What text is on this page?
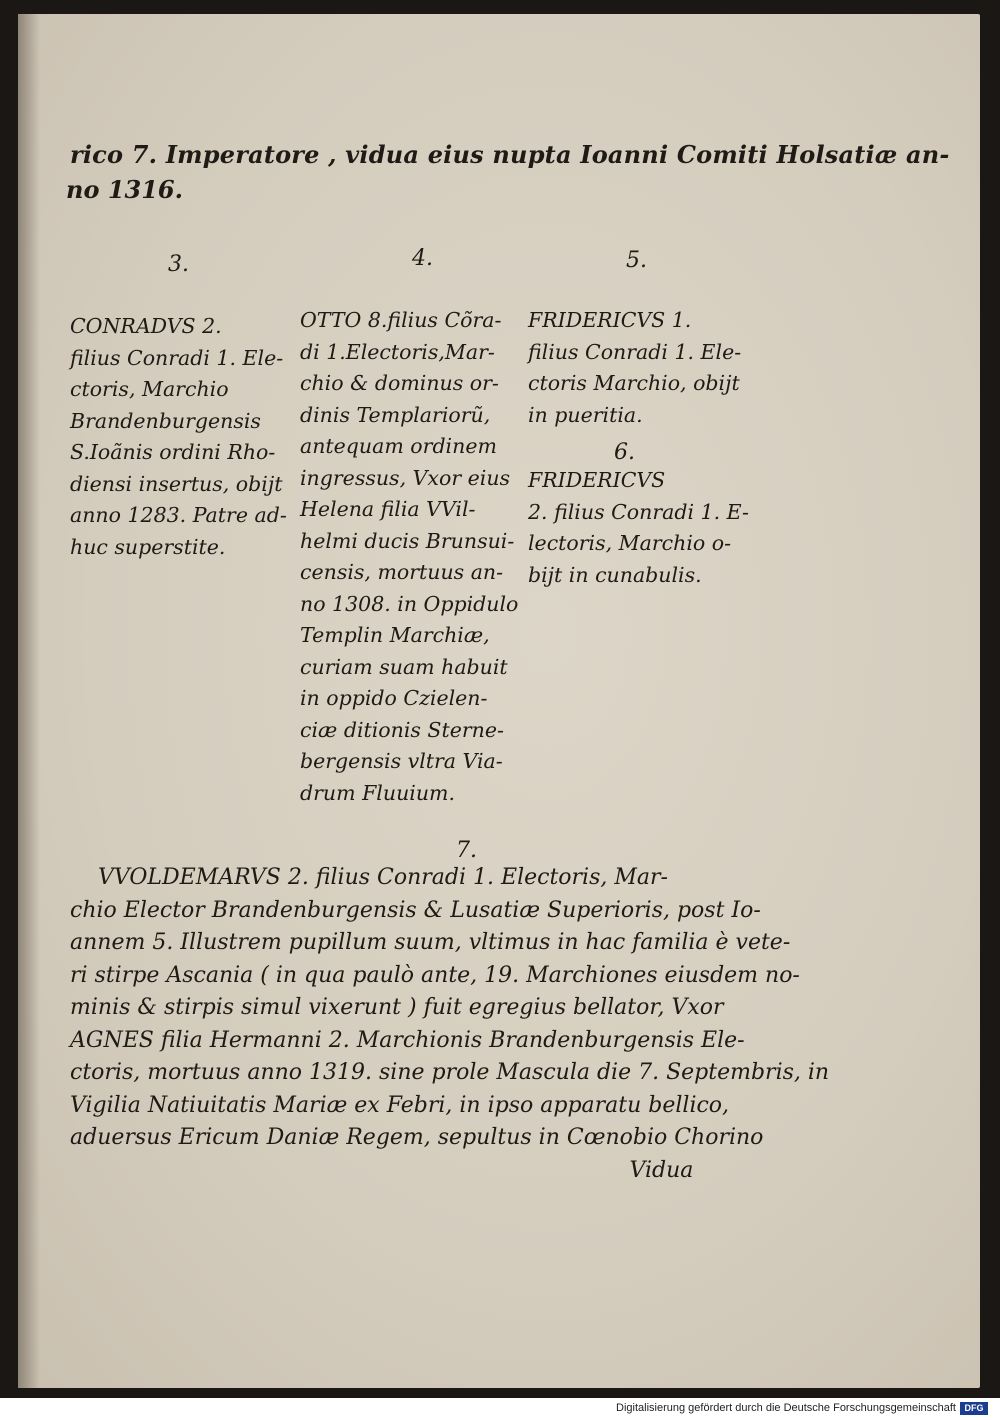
rico 7. Imperatore , vidua eius nupta Ioanni Comiti Holsatiæ an-

no 1316.

3.	4.	5.
6.
7.
CONRADVS 2.
filius Conradi 1. Ele-
ctoris, Marchio
Brandenburgensis
S.Ioãnis ordini Rho-
diensi insertus, obijt
anno 1283. Patre ad-
huc superstite.
OTTO 8.filius Cõra-
di 1.Electoris,Mar-
chio & dominus or-
dinis Templariorũ,
antequam ordinem
ingressus, Vxor eius
Helena filia VVil-
helmi ducis Brunsui-
censis, mortuus an-
no 1308. in Oppidulo
Templin Marchiæ,
curiam suam habuit
in oppido Czielen-
ciæ ditionis Sterne-
bergensis vltra Via-
drum Fluuium.
FRIDERICVS 1.
filius Conradi 1. Ele-
ctoris Marchio, obijt
in pueritia.
FRIDERICVS
2. filius Conradi 1. E-
lectoris, Marchio o-
bijt in cunabulis.
VVOLDEMARVS 2. filius Conradi 1. Electoris, Mar-
chio Elector Brandenburgensis & Lusatiæ Superioris, post Io-
annem 5. Illustrem pupillum suum, vltimus in hac familia è vete-
ri stirpe Ascania ( in qua paulò ante, 19. Marchiones eiusdem no-
minis & stirpis simul vixerunt ) fuit egregius bellator, Vxor
AGNES filia Hermanni 2. Marchionis Brandenburgensis Ele-
ctoris, mortuus anno 1319. sine prole Mascula die 7. Septembris, in
Vigilia Natiuitatis Mariæ ex Febri, in ipso apparatu bellico,
aduersus Ericum Daniæ Regem, sepultus in Cœnobio Chorino
Vidua
Digitalisierung gefördert durch die Deutsche Forschungsgemeinschaft DFG
